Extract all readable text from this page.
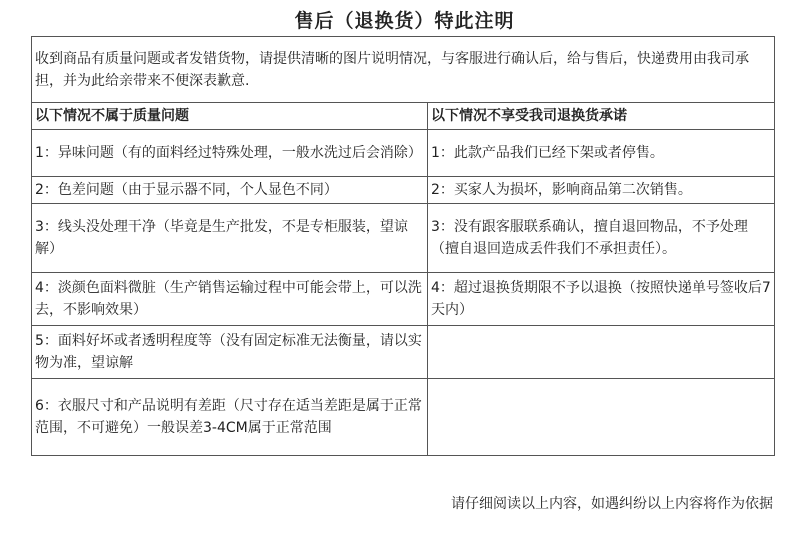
售后（退换货）特此注明
收到商品有质量问题或者发错货物，请提供清晰的图片说明情况，与客服进行确认后，给与售后，快递费用由我司承担，并为此给亲带来不便深表歉意.	
以下情况不属于质量问题	以下情况不享受我司退换货承诺
1：异味问题（有的面料经过特殊处理，一般水洗过后会消除）	1：此款产品我们已经下架或者停售。
2：色差问题（由于显示器不同，个人显色不同）	2：买家人为损坏，影响商品第二次销售。
3：线头没处理干净（毕竟是生产批发，不是专柜服装，望谅解）	3：没有跟客服联系确认，擅自退回物品，不予处理（擅自退回造成丢件我们不承担责任）。
4：淡颜色面料微脏（生产销售运输过程中可能会带上，可以洗去，不影响效果）	4：超过退换货期限不予以退换（按照快递单号签收后7天内）
5：面料好坏或者透明程度等（没有固定标准无法衡量，请以实物为准，望谅解	
6：衣服尺寸和产品说明有差距（尺寸存在适当差距是属于正常范围，不可避免）一般误差3-4CM属于正常范围	
请仔细阅读以上内容，如遇纠纷以上内容将作为依据
